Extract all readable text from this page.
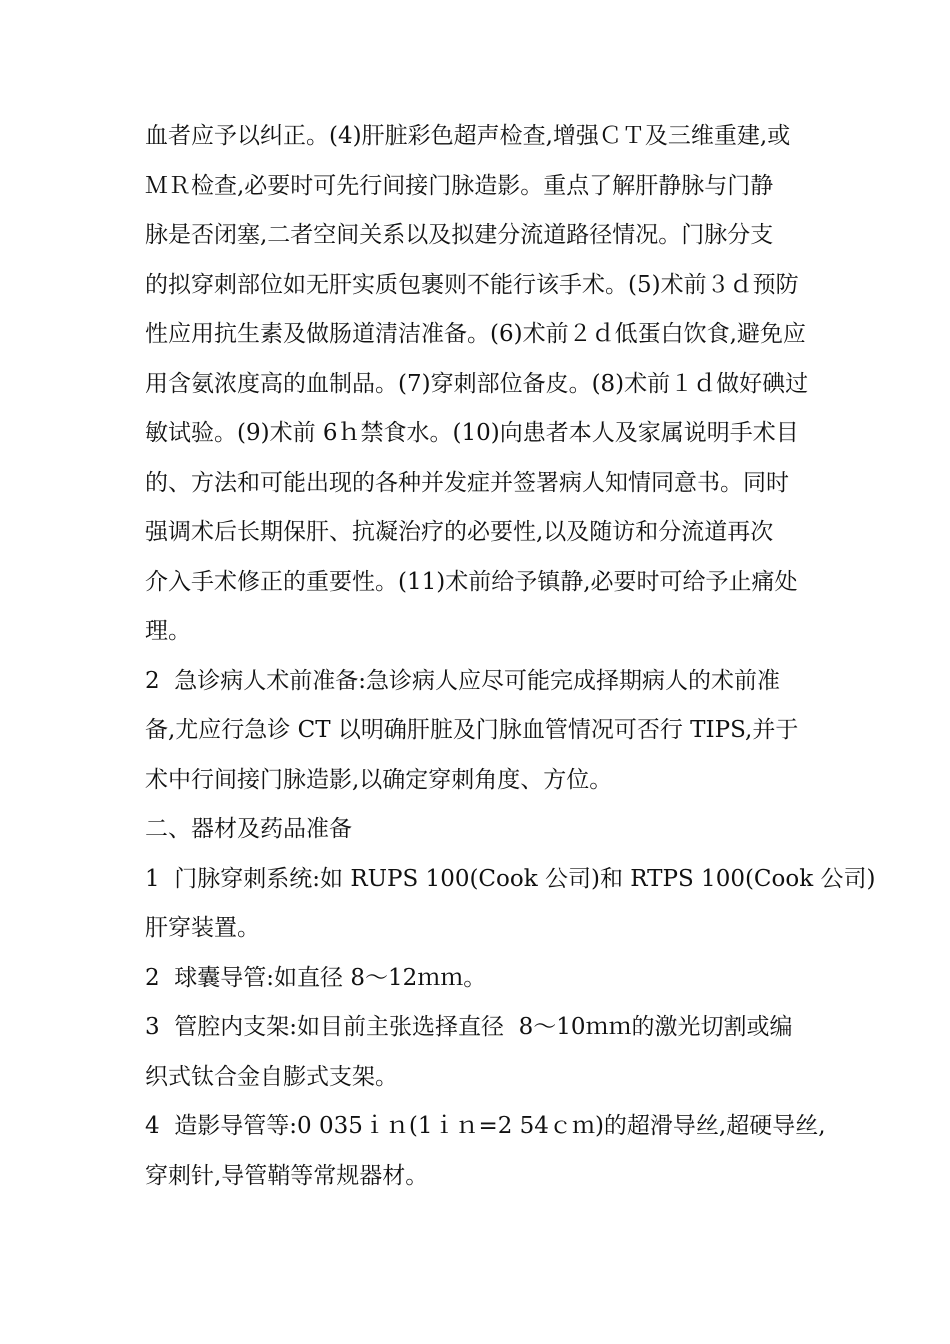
血者应予以纠正。(4)肝脏彩色超声检查,增强ＣＴ及三维重建,或
ＭＲ检查,必要时可先行间接门脉造影。重点了解肝静脉与门静
脉是否闭塞,二者空间关系以及拟建分流道路径情况。门脉分支
的拟穿刺部位如无肝实质包裹则不能行该手术。(5)术前３ｄ预防
性应用抗生素及做肠道清洁准备。(6)术前２ｄ低蛋白饮食,避免应
用含氨浓度高的血制品。(7)穿刺部位备皮。(8)术前１ｄ做好碘过
敏试验。(9)术前 6ｈ禁食水。(10)向患者本人及家属说明手术目
的、方法和可能出现的各种并发症并签署病人知情同意书。同时
强调术后长期保肝、抗凝治疗的必要性,以及随访和分流道再次
介入手术修正的重要性。(11)术前给予镇静,必要时可给予止痛处
理。
2  急诊病人术前准备:急诊病人应尽可能完成择期病人的术前准
备,尤应行急诊 CT 以明确肝脏及门脉血管情况可否行 TIPS,并于
术中行间接门脉造影,以确定穿刺角度、方位。
二、器材及药品准备
1  门脉穿刺系统:如 RUPS 100(Cook 公司)和 RTPS 100(Cook 公司)
肝穿装置。
2  球囊导管:如直径 8～12ｍｍ。
3  管腔内支架:如目前主张选择直径  8～10ｍｍ的激光切割或编
织式钛合金自膨式支架。
4  造影导管等:0 035ｉｎ(1ｉｎ=2 54ｃｍ)的超滑导丝,超硬导丝,
穿刺针,导管鞘等常规器材。
